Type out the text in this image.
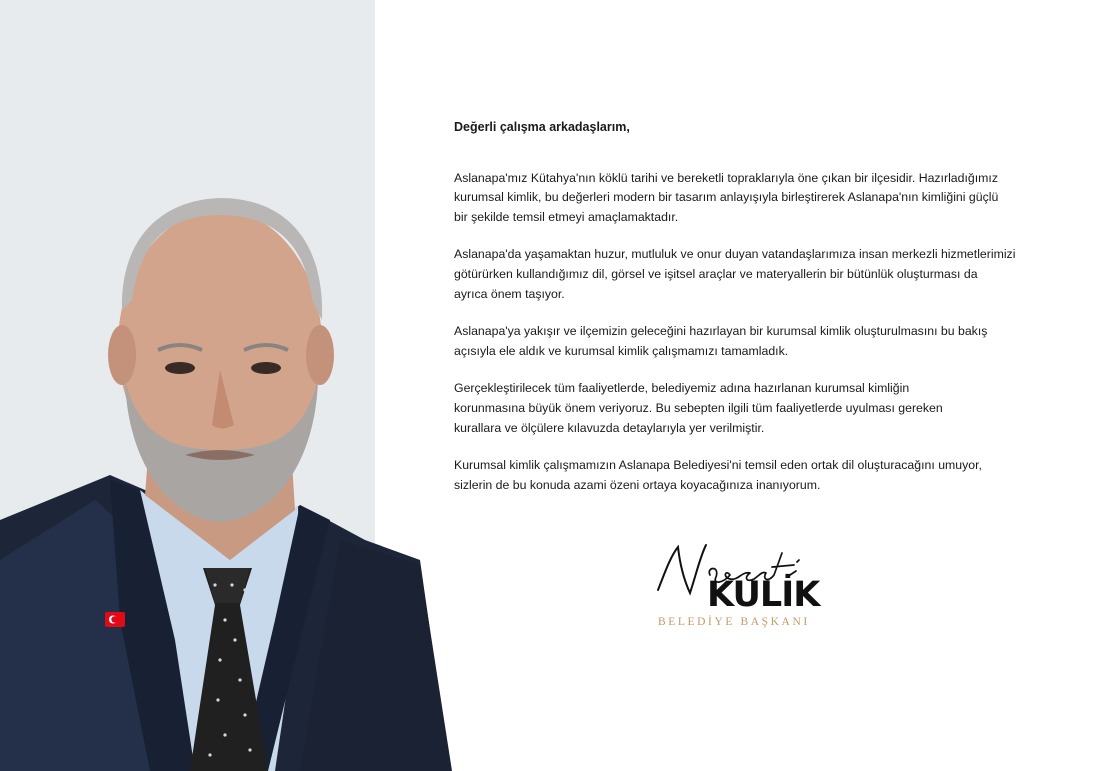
Değerli çalışma arkadaşlarım,

Aslanapa'mız Kütahya'nın köklü tarihi ve bereketli topraklarıyla öne çıkan bir ilçesidir. Hazırladığımız
kurumsal kimlik, bu değerleri modern bir tasarım anlayışıyla birleştirerek Aslanapa'nın kimliğini güçlü
bir şekilde temsil etmeyi amaçlamaktadır.

Aslanapa'da yaşamaktan huzur, mutluluk ve onur duyan vatandaşlarımıza insan merkezli hizmetlerimizi
götürürken kullandığımız dil, görsel ve işitsel araçlar ve materyallerin bir bütünlük oluşturması da
ayrıca önem taşıyor.

Aslanapa'ya yakışır ve ilçemizin geleceğini hazırlayan bir kurumsal kimlik oluşturulmasını bu bakış
açısıyla ele aldık ve kurumsal kimlik çalışmamızı tamamladık.

Gerçekleştirilecek tüm faaliyetlerde, belediyemiz adına hazırlanan kurumsal kimliğin
korunmasına büyük önem veriyoruz. Bu sebepten ilgili tüm faaliyetlerde uyulması gereken
kurallara ve ölçülere kılavuzda detaylarıyla yer verilmiştir.

Kurumsal kimlik çalışmamızın Aslanapa Belediyesi'ni temsil eden ortak dil oluşturacağını umuyor,
sizlerin de bu konuda azami özeni ortaya koyacağınıza inanıyorum.

KULİK
BELEDİYE BAŞKANI
